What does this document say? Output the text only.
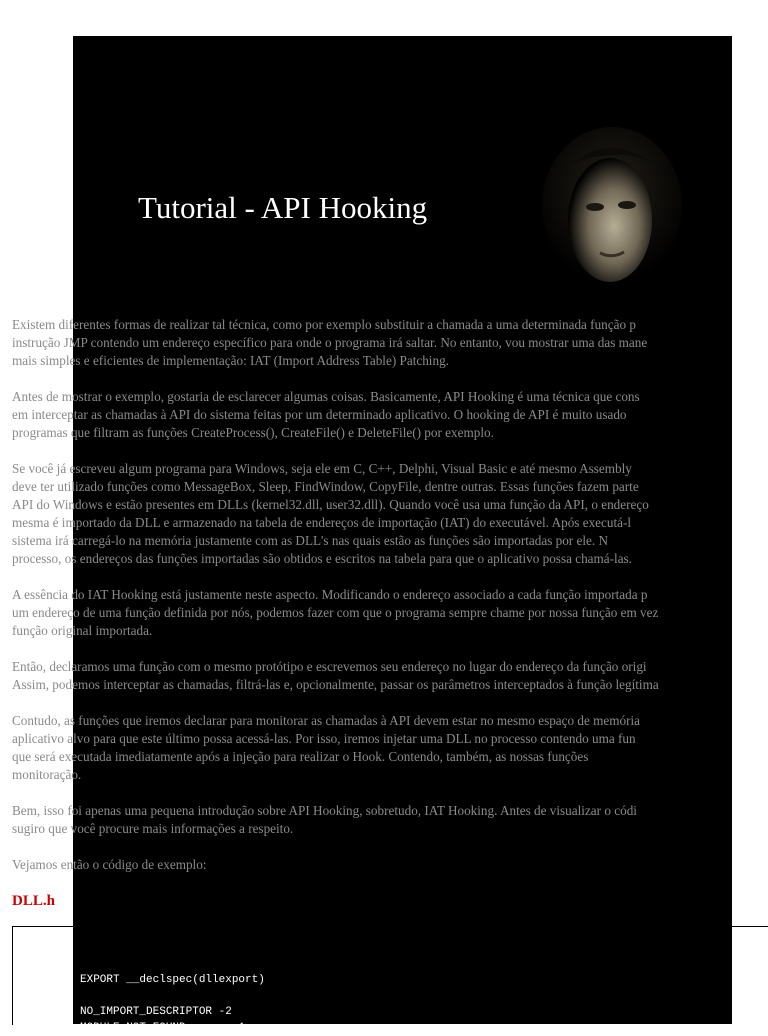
Tutorial - API Hooking

Existem diferentes formas de realizar tal técnica, como por exemplo substituir a chamada a uma determinada função p
instrução JMP contendo um endereço específico para onde o programa irá saltar. No entanto, vou mostrar uma das mane
mais simples e eficientes de implementação: IAT (Import Address Table) Patching.

Antes de mostrar o exemplo, gostaria de esclarecer algumas coisas. Basicamente, API Hooking é uma técnica que cons
em interceptar as chamadas à API do sistema feitas por um determinado aplicativo. O hooking de API é muito usado
programas que filtram as funções CreateProcess(), CreateFile() e DeleteFile() por exemplo.

Se você já escreveu algum programa para Windows, seja ele em C, C++, Delphi, Visual Basic e até mesmo Assembly
deve ter utilizado funções como MessageBox, Sleep, FindWindow, CopyFile, dentre outras. Essas funções fazem parte
API do Windows e estão presentes em DLLs (kernel32.dll, user32.dll). Quando você usa uma função da API, o endereço
mesma é importado da DLL e armazenado na tabela de endereços de importação (IAT) do executável. Após executá-l
sistema irá carregá-lo na memória justamente com as DLL's nas quais estão as funções são importadas por ele. N
processo, os endereços das funções importadas são obtidos e escritos na tabela para que o aplicativo possa chamá-las.

A essência do IAT Hooking está justamente neste aspecto. Modificando o endereço associado a cada função importada p
um endereço de uma função definida por nós, podemos fazer com que o programa sempre chame por nossa função em vez
função original importada.

Então, declaramos uma função com o mesmo protótipo e escrevemos seu endereço no lugar do endereço da função origi
Assim, podemos interceptar as chamadas, filtrá-las e, opcionalmente, passar os parâmetros interceptados à função legítima

Contudo, as funções que iremos declarar para monitorar as chamadas à API devem estar no mesmo espaço de memória
aplicativo alvo para que este último possa acessá-las. Por isso, iremos injetar uma DLL no processo contendo uma fun
que será executada imediatamente após a injeção para realizar o Hook. Contendo, também, as nossas funções
monitoração.

Bem, isso foi apenas uma pequena introdução sobre API Hooking, sobretudo, IAT Hooking. Antes de visualizar o códi
sugiro que você procure mais informações a respeito.

Vejamos então o código de exemplo:

DLL.h

EXPORT __declspec(dllexport)

NO_IMPORT_DESCRIPTOR -2
MODULE_NOT_FOUND       -1
